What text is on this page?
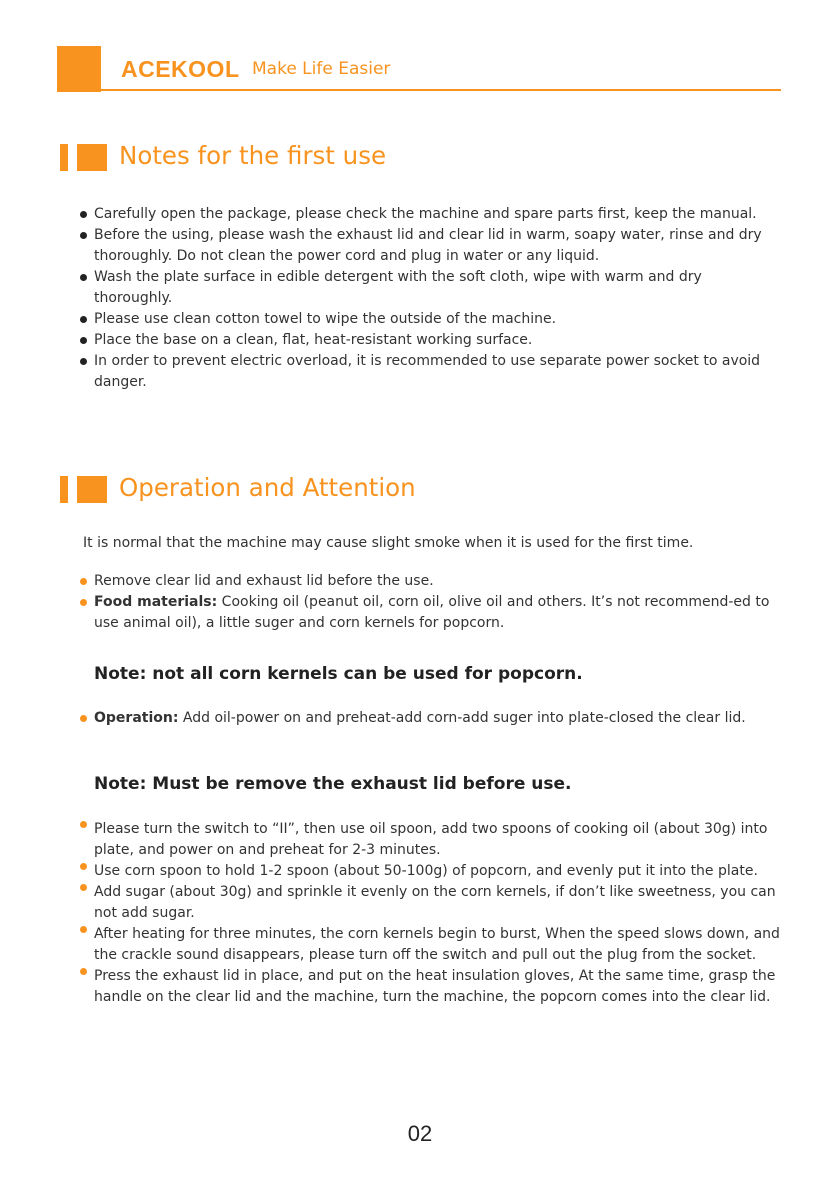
ACEKOOL Make Life Easier
Notes for the first use
Carefully open the package, please check the machine and spare parts first, keep the manual.
Before the using, please wash the exhaust lid and clear lid in warm, soapy water, rinse and dry thoroughly. Do not clean the power cord and plug in water or any liquid.
Wash the plate surface in edible detergent with the soft cloth, wipe with warm and dry thoroughly.
Please use clean cotton towel to wipe the outside of the machine.
Place the base on a clean, flat, heat-resistant working surface.
In order to prevent electric overload, it is recommended to use separate power socket to avoid danger.
Operation and Attention
It is normal that the machine may cause slight smoke when it is used for the first time.
Remove clear lid and exhaust lid before the use.
Food materials: Cooking oil (peanut oil, corn oil, olive oil and others. It’s not recommend-ed to use animal oil), a little suger and corn kernels for popcorn.
Note: not all corn kernels can be used for popcorn.
Operation: Add oil-power on and preheat-add corn-add suger into plate-closed the clear lid.
Note: Must be remove the exhaust lid before use.
Please turn the switch to “II”, then use oil spoon, add two spoons of cooking oil (about 30g) into plate, and power on and preheat for 2-3 minutes.
Use corn spoon to hold 1-2 spoon (about 50-100g) of popcorn, and evenly put it into the plate.
Add sugar (about 30g) and sprinkle it evenly on the corn kernels, if don’t like sweetness, you can not add sugar.
After heating for three minutes, the corn kernels begin to burst, When the speed slows down, and the crackle sound disappears, please turn off the switch and pull out the plug from the socket.
Press the exhaust lid in place, and put on the heat insulation gloves, At the same time, grasp the handle on the clear lid and the machine, turn the machine, the popcorn comes into the clear lid.
02
